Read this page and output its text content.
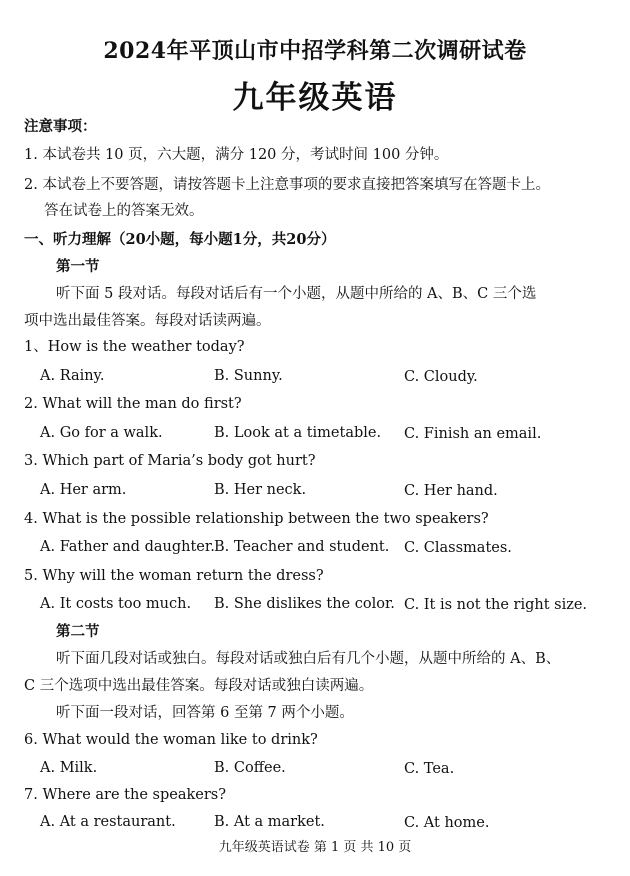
2024年平顶山市中招学科第二次调研试卷
九年级英语
注意事项：
1. 本试卷共 10 页，六大题，满分 120 分，考试时间 100 分钟。
2. 本试卷上不要答题，请按答题卡上注意事项的要求直接把答案填写在答题卡上。
答在试卷上的答案无效。
一、听力理解（20小题，每小题1分，共20分）
第一节
听下面 5 段对话。每段对话后有一个小题，从题中所给的 A、B、C 三个选
项中选出最佳答案。每段对话读两遍。
1、How is the weather today?
A. Rainy.	B. Sunny.	C. Cloudy.
2. What will the man do first?
A. Go for a walk.	B. Look at a timetable. C. Finish an email.
3. Which part of Maria’s body got hurt?
A. Her arm.	B. Her neck.	C. Her hand.
4. What is the possible relationship between the two speakers?
A. Father and daughter. B. Teacher and student. C. Classmates.
5. Why will the woman return the dress?
A. It costs too much. B. She dislikes the color. C. It is not the right size.
第二节
听下面几段对话或独白。每段对话或独白后有几个小题，从题中所给的 A、B、
C 三个选项中选出最佳答案。每段对话或独白读两遍。
听下面一段对话，回答第 6 至第 7 两个小题。
6. What would the woman like to drink?
A. Milk.	B. Coffee.	C. Tea.
7. Where are the speakers?
A. At a restaurant.	B. At a market.	C. At home.
九年级英语试卷 第 1 页 共 10 页
